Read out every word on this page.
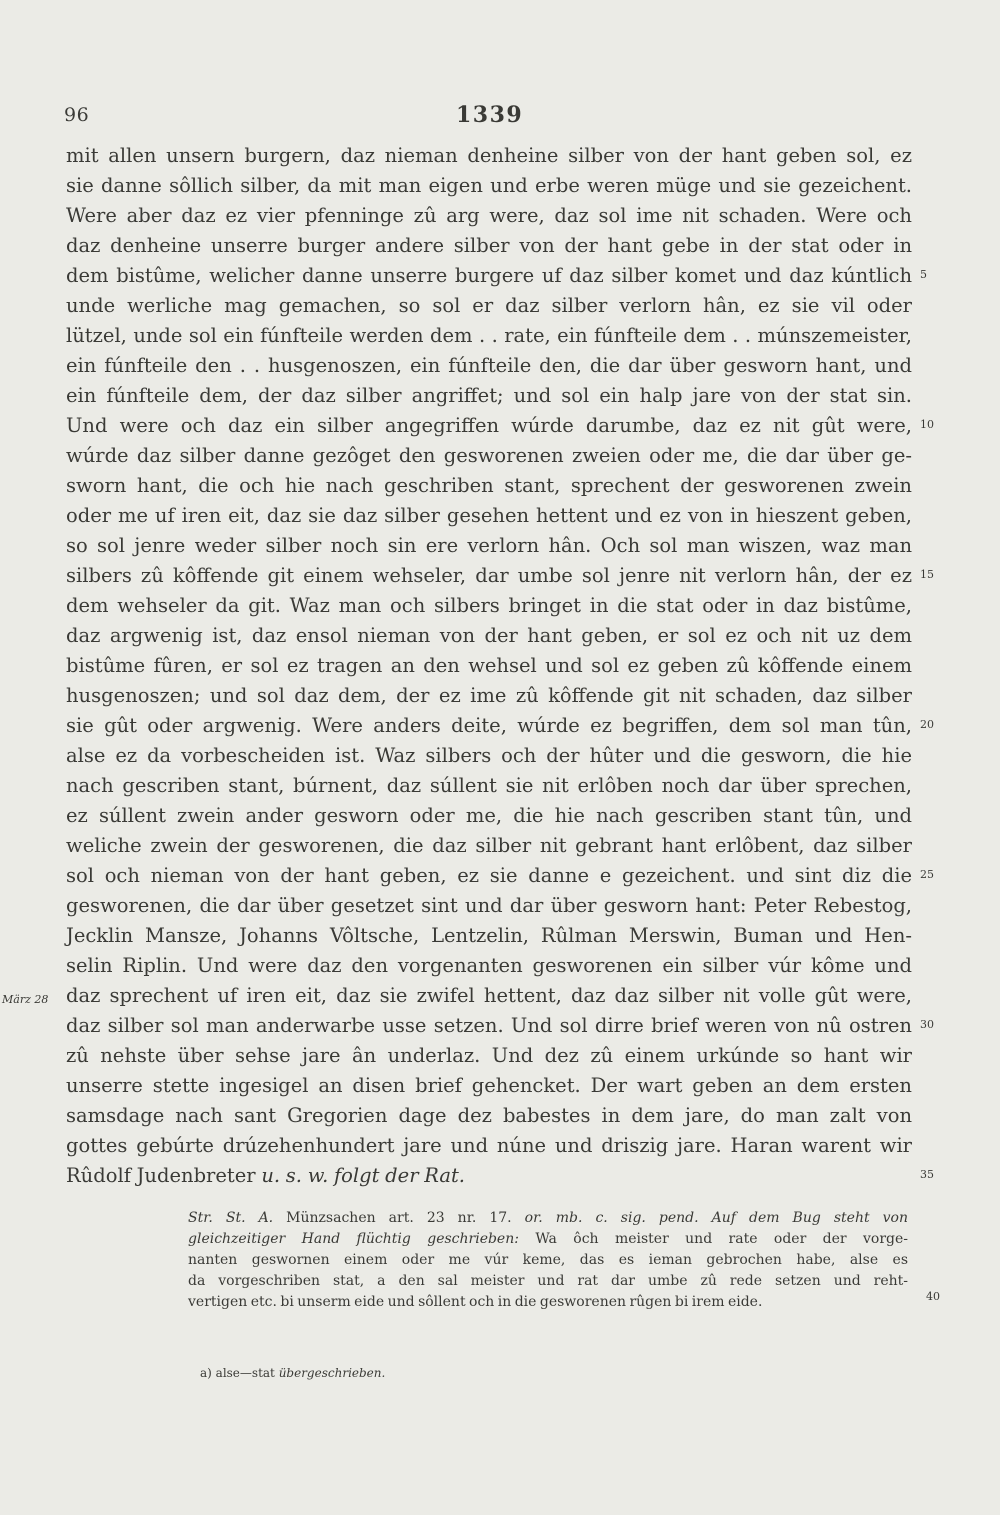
96	1339
mit allen unsern burgern, daz nieman denheine silber von der hant geben sol, ez
sie danne sôllich silber, da mit man eigen und erbe weren müge und sie gezeichent.
Were aber daz ez vier pfenninge zû arg were, daz sol ime nit schaden. Were och
daz denheine unserre burger andere silber von der hant gebe in der stat oder in
dem bistûme, welicher danne unserre burgere uf daz silber komet und daz kúntlich
unde werliche mag gemachen, so sol er daz silber verlorn hân, ez sie vil oder
lützel, unde sol ein fúnfteile werden dem . . rate, ein fúnfteile dem . . múnszemeister,
ein fúnfteile den . . husgenoszen, ein fúnfteile den, die dar über gesworn hant, und
ein fúnfteile dem, der daz silber angriffet; und sol ein halp jare von der stat sin.
Und were och daz ein silber angegriffen wúrde darumbe, daz ez nit gût were,
wúrde daz silber danne gezôget den gesworenen zweien oder me, die dar über ge-
sworn hant, die och hie nach geschriben stant, sprechent der gesworenen zwein
oder me uf iren eit, daz sie daz silber gesehen hettent und ez von in hieszent geben,
so sol jenre weder silber noch sin ere verlorn hân. Och sol man wiszen, waz man
silbers zû kôffende git einem wehseler, dar umbe sol jenre nit verlorn hân, der ez
dem wehseler da git. Waz man och silbers bringet in die stat oder in daz bistûme,
daz argwenig ist, daz ensol nieman von der hant geben, er sol ez och nit uz dem
bistûme fûren, er sol ez tragen an den wehsel und sol ez geben zû kôffende einem
husgenoszen; und sol daz dem, der ez ime zû kôffende git nit schaden, daz silber
sie gût oder argwenig. Were anders deite, wúrde ez begriffen, dem sol man tûn,
alse ez da vorbescheiden ist. Waz silbers och der hûter und die gesworn, die hie
nach gescriben stant, búrnent, daz súllent sie nit erlôben noch dar über sprechen,
ez súllent zwein ander gesworn oder me, die hie nach gescriben stant tûn, und
weliche zwein der gesworenen, die daz silber nit gebrant hant erlôbent, daz silber
sol och nieman von der hant geben, ez sie danne e gezeichent. und sint diz die
gesworenen, die dar über gesetzet sint und dar über gesworn hant: Peter Rebestog,
Jecklin Mansze, Johanns Vôltsche, Lentzelin, Rûlman Merswin, Buman und Hen-
selin Riplin. Und were daz den vorgenanten gesworenen ein silber vúr kôme und
daz sprechent uf iren eit, daz sie zwifel hettent, daz daz silber nit volle gût were,
daz silber sol man anderwarbe usse setzen. Und sol dirre brief weren von nû ostren
zû nehste über sehse jare ân underlaz. Und dez zû einem urkúnde so hant wir
unserre stette ingesigel an disen brief gehencket. Der wart geben an dem ersten
samsdage nach sant Gregorien dage dez babestes in dem jare, do man zalt von
gottes gebúrte drúzehenhundert jare und núne und driszig jare. Haran warent wir
Rûdolf Judenbreter u. s. w. folgt der Rat.
5
10
15
20
25
30
35
März 28
Str. St. A. Münzsachen art. 23 nr. 17. or. mb. c. sig. pend. Auf dem Bug steht von
gleichzeitiger Hand flüchtig geschrieben: Wa ôch meister und rate oder der vorge-
nanten geswornen einem oder me vúr keme, das es ieman gebrochen habe, alse es
da vorgeschriben stat, a den sal meister und rat dar umbe zû rede setzen und reht-
vertigen etc. bi unserm eide und sôllent och in die gesworenen rûgen bi irem eide.	40
a) alse—stat übergeschrieben.
